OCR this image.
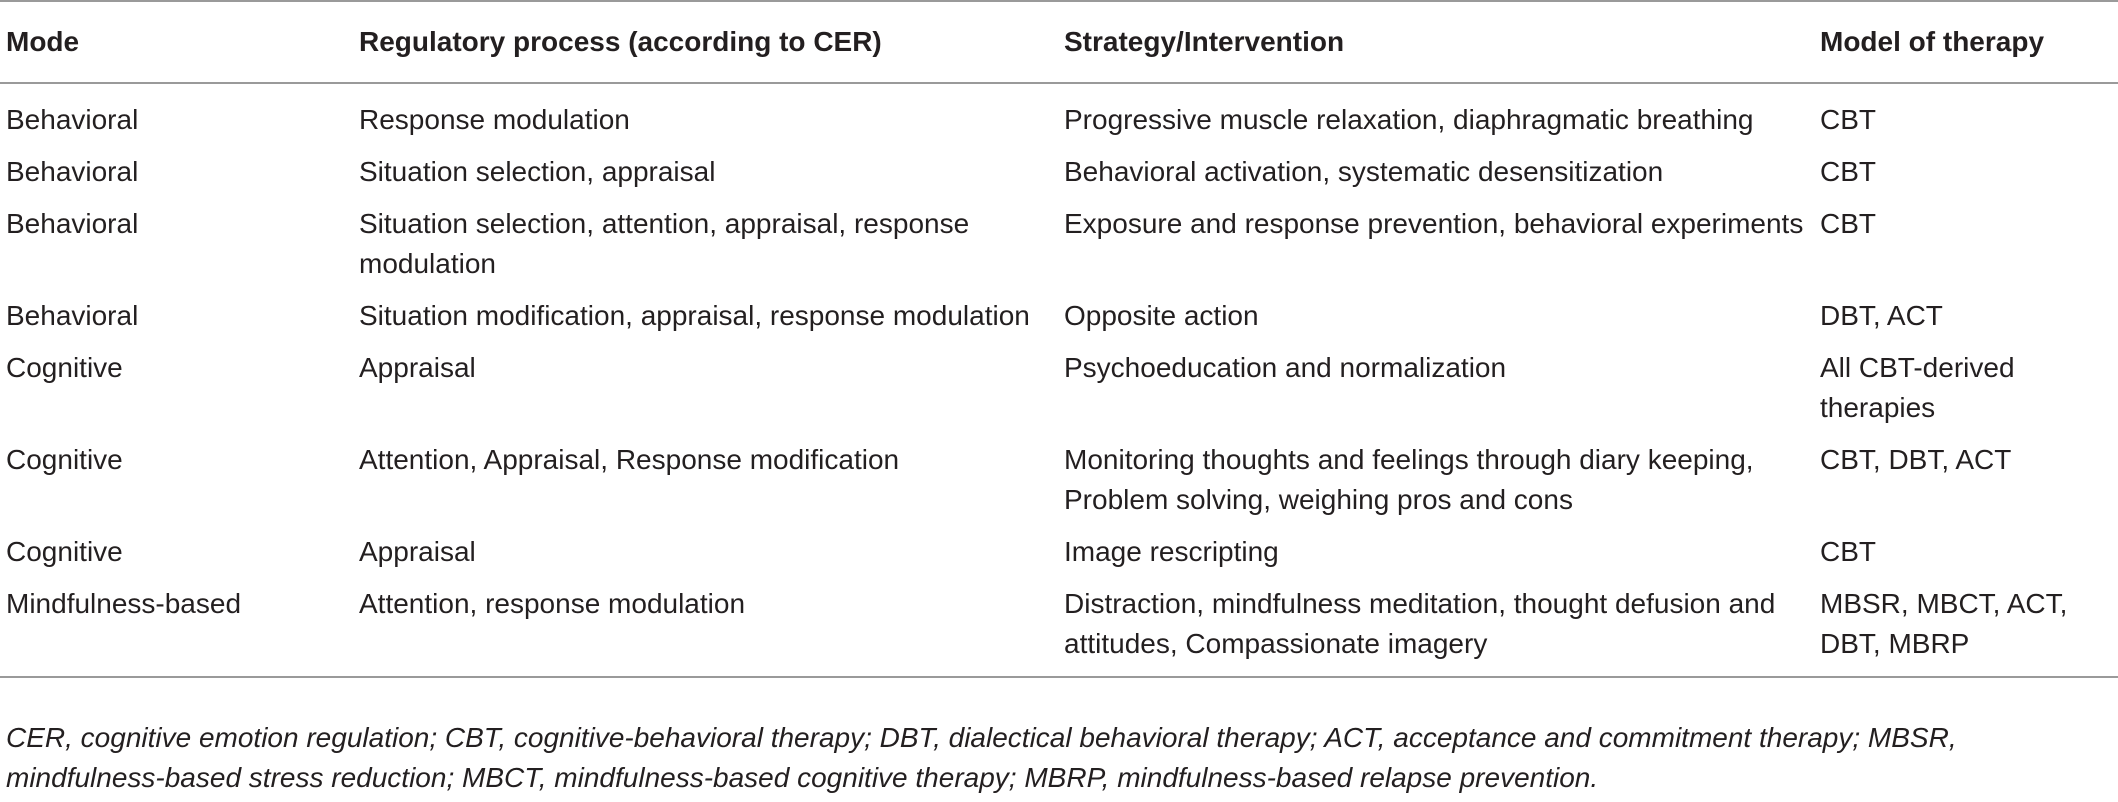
Mode	Regulatory process (according to CER)	Strategy/Intervention	Model of therapy
Behavioral	Response modulation	Progressive muscle relaxation, diaphragmatic breathing	CBT
Behavioral	Situation selection, appraisal	Behavioral activation, systematic desensitization	CBT
Behavioral	Situation selection, attention, appraisal, response modulation	Exposure and response prevention, behavioral experiments	CBT
Behavioral	Situation modification, appraisal, response modulation	Opposite action	DBT, ACT
Cognitive	Appraisal	Psychoeducation and normalization	All CBT-derived therapies
Cognitive	Attention, Appraisal, Response modification	Monitoring thoughts and feelings through diary keeping, Problem solving, weighing pros and cons	CBT, DBT, ACT
Cognitive	Appraisal	Image rescripting	CBT
Mindfulness-based	Attention, response modulation	Distraction, mindfulness meditation, thought defusion and attitudes, Compassionate imagery	MBSR, MBCT, ACT, DBT, MBRP
CER, cognitive emotion regulation; CBT, cognitive-behavioral therapy; DBT, dialectical behavioral therapy; ACT, acceptance and commitment therapy; MBSR, mindfulness-based stress reduction; MBCT, mindfulness-based cognitive therapy; MBRP, mindfulness-based relapse prevention.
